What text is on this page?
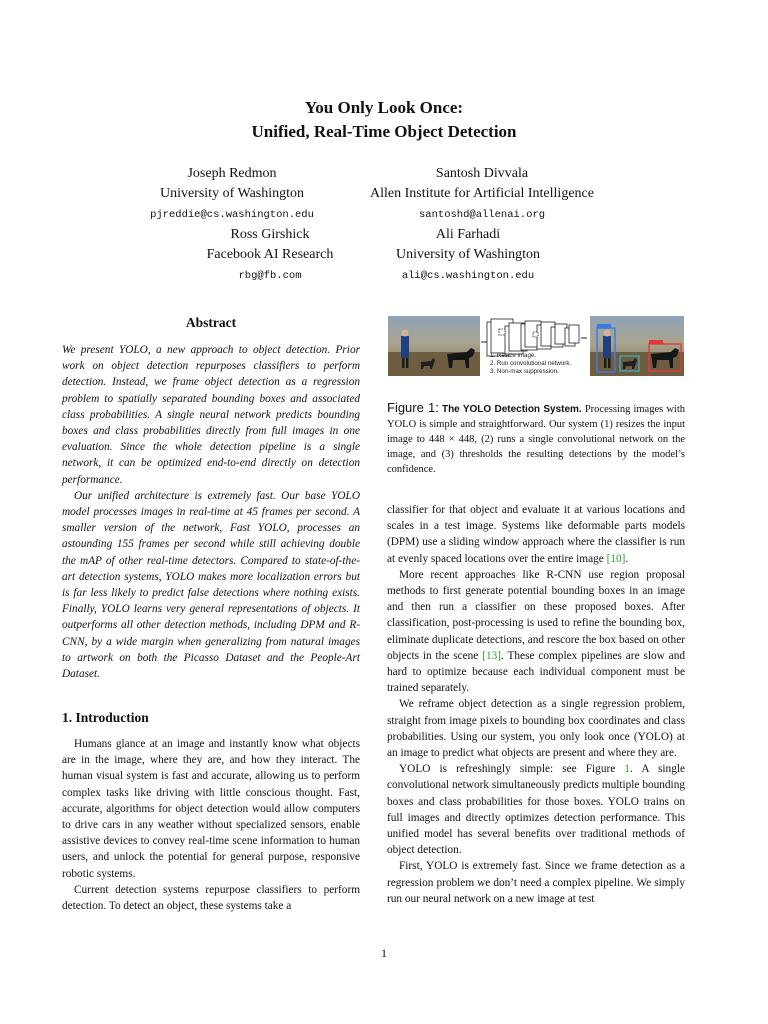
You Only Look Once:
Unified, Real-Time Object Detection
Joseph Redmon
University of Washington
pjreddie@cs.washington.edu
Santosh Divvala
Allen Institute for Artificial Intelligence
santoshd@allenai.org
Ross Girshick
Facebook AI Research
rbg@fb.com
Ali Farhadi
University of Washington
ali@cs.washington.edu
Abstract

We present YOLO, a new approach to object detection. Prior work on object detection repurposes classifiers to perform detection. Instead, we frame object detection as a regression problem to spatially separated bounding boxes and associated class probabilities. A single neural network predicts bounding boxes and class probabilities directly from full images in one evaluation. Since the whole detection pipeline is a single network, it can be optimized end-to-end directly on detection performance.

Our unified architecture is extremely fast. Our base YOLO model processes images in real-time at 45 frames per second. A smaller version of the network, Fast YOLO, processes an astounding 155 frames per second while still achieving double the mAP of other real-time detectors. Compared to state-of-the-art detection systems, YOLO makes more localization errors but is far less likely to predict false detections where nothing exists. Finally, YOLO learns very general representations of objects. It outperforms all other detection methods, including DPM and R-CNN, by a wide margin when generalizing from natural images to artwork on both the Picasso Dataset and the People-Art Dataset.

1. Introduction

Humans glance at an image and instantly know what objects are in the image, where they are, and how they interact. The human visual system is fast and accurate, allowing us to perform complex tasks like driving with little conscious thought. Fast, accurate, algorithms for object detection would allow computers to drive cars in any weather without specialized sensors, enable assistive devices to convey real-time scene information to human users, and unlock the potential for general purpose, responsive robotic systems.

Current detection systems repurpose classifiers to perform detection. To detect an object, these systems take a

1. Resize image.
2. Run convolutional network.
3. Non-max suppression.
Figure 1: The YOLO Detection System. Processing images with YOLO is simple and straightforward. Our system (1) resizes the input image to 448 × 448, (2) runs a single convolutional network on the image, and (3) thresholds the resulting detections by the model’s confidence.

classifier for that object and evaluate it at various locations and scales in a test image. Systems like deformable parts models (DPM) use a sliding window approach where the classifier is run at evenly spaced locations over the entire image [10].

More recent approaches like R-CNN use region proposal methods to first generate potential bounding boxes in an image and then run a classifier on these proposed boxes. After classification, post-processing is used to refine the bounding box, eliminate duplicate detections, and rescore the box based on other objects in the scene [13]. These complex pipelines are slow and hard to optimize because each individual component must be trained separately.

We reframe object detection as a single regression problem, straight from image pixels to bounding box coordinates and class probabilities. Using our system, you only look once (YOLO) at an image to predict what objects are present and where they are.

YOLO is refreshingly simple: see Figure 1. A single convolutional network simultaneously predicts multiple bounding boxes and class probabilities for those boxes. YOLO trains on full images and directly optimizes detection performance. This unified model has several benefits over traditional methods of object detection.

First, YOLO is extremely fast. Since we frame detection as a regression problem we don’t need a complex pipeline. We simply run our neural network on a new image at test

1
